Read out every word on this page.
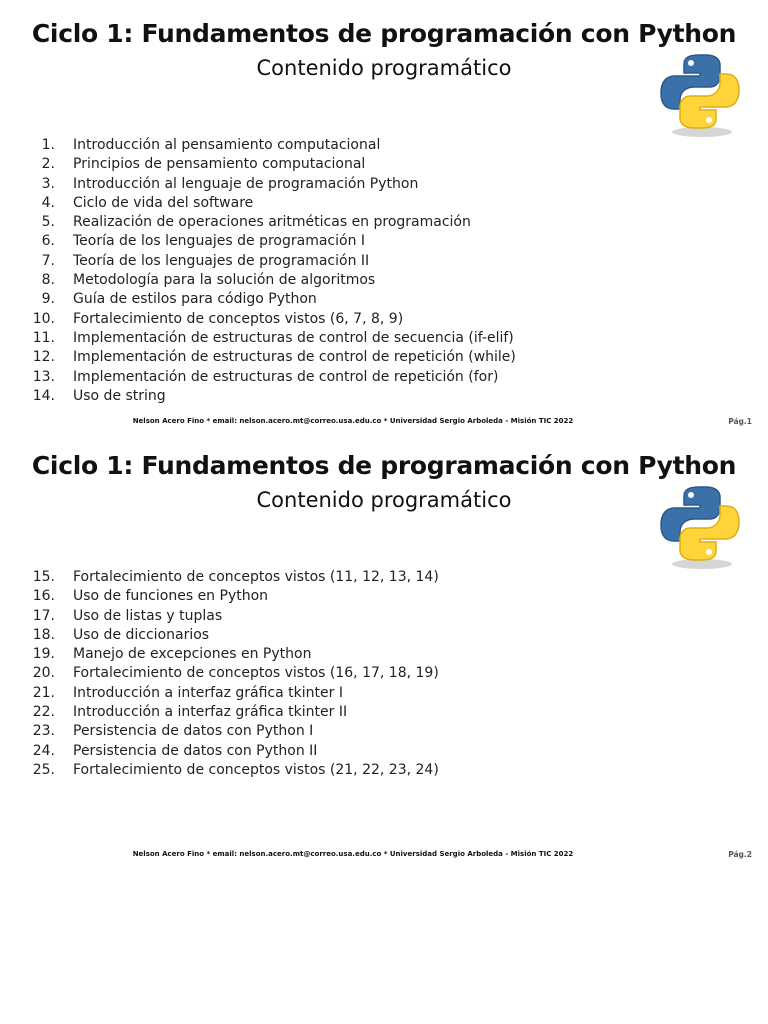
Ciclo 1: Fundamentos de programación con Python
Contenido programático
1. Introducción al pensamiento computacional
2. Principios de pensamiento computacional
3. Introducción al lenguaje de programación Python
4. Ciclo de vida del software
5. Realización de operaciones aritméticas en programación
6. Teoría de los lenguajes de programación I
7. Teoría de los lenguajes de programación II
8. Metodología para la solución de algoritmos
9. Guía de estilos para código Python
10. Fortalecimiento de conceptos vistos (6, 7, 8, 9)
11. Implementación de estructuras de control de secuencia (if-elif)
12. Implementación de estructuras de control de repetición (while)
13. Implementación de estructuras de control de repetición (for)
14. Uso de string
Nelson Acero Fino * email: nelson.acero.mt@correo.usa.edu.co * Universidad Sergio Arboleda - Misión TIC 2022	Pág.1
Ciclo 1: Fundamentos de programación con Python
Contenido programático
15. Fortalecimiento de conceptos vistos (11, 12, 13, 14)
16. Uso de funciones en Python
17. Uso de listas y tuplas
18. Uso de diccionarios
19. Manejo de excepciones en Python
20. Fortalecimiento de conceptos vistos (16, 17, 18, 19)
21. Introducción a interfaz gráfica tkinter I
22. Introducción a interfaz gráfica tkinter II
23. Persistencia de datos con Python I
24. Persistencia de datos con Python II
25. Fortalecimiento de conceptos vistos (21, 22, 23, 24)
Nelson Acero Fino * email: nelson.acero.mt@correo.usa.edu.co * Universidad Sergio Arboleda - Misión TIC 2022	Pág.2
